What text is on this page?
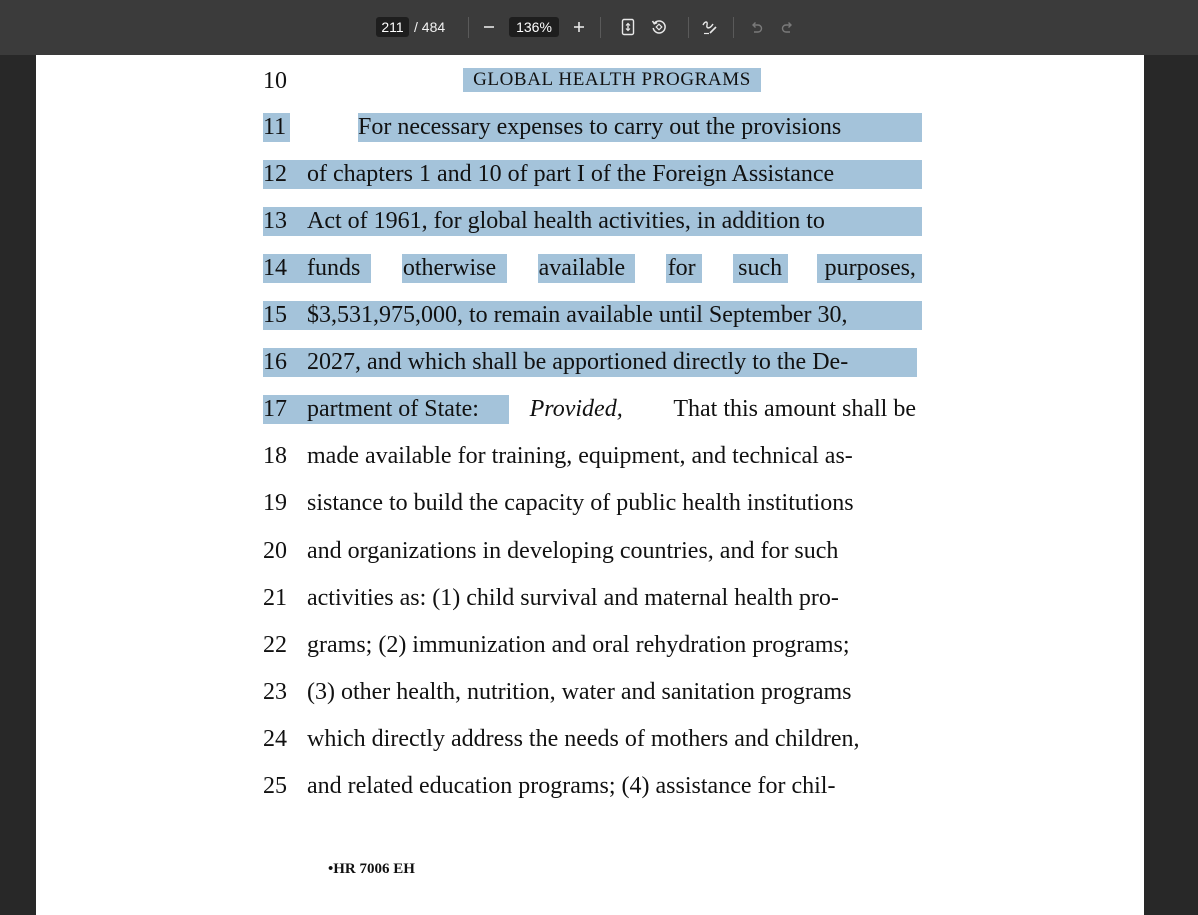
211
/ 484
136%
10	GLOBAL HEALTH PROGRAMS
11	For necessary expenses to carry out the provisions
12 of chapters 1 and 10 of part I of the Foreign Assistance
13 Act of 1961, for global health activities, in addition to
14 funds otherwise available for such purposes,
15 $3,531,975,000, to remain available until September 30,
16 2027, and which shall be apportioned directly to the De-
17 partment of State: Provided, That this amount shall be
18 made available for training, equipment, and technical as-
19 sistance to build the capacity of public health institutions
20 and organizations in developing countries, and for such
21 activities as: (1) child survival and maternal health pro-
22 grams; (2) immunization and oral rehydration programs;
23 (3) other health, nutrition, water and sanitation programs
24 which directly address the needs of mothers and children,
25 and related education programs; (4) assistance for chil-
•HR 7006 EH
